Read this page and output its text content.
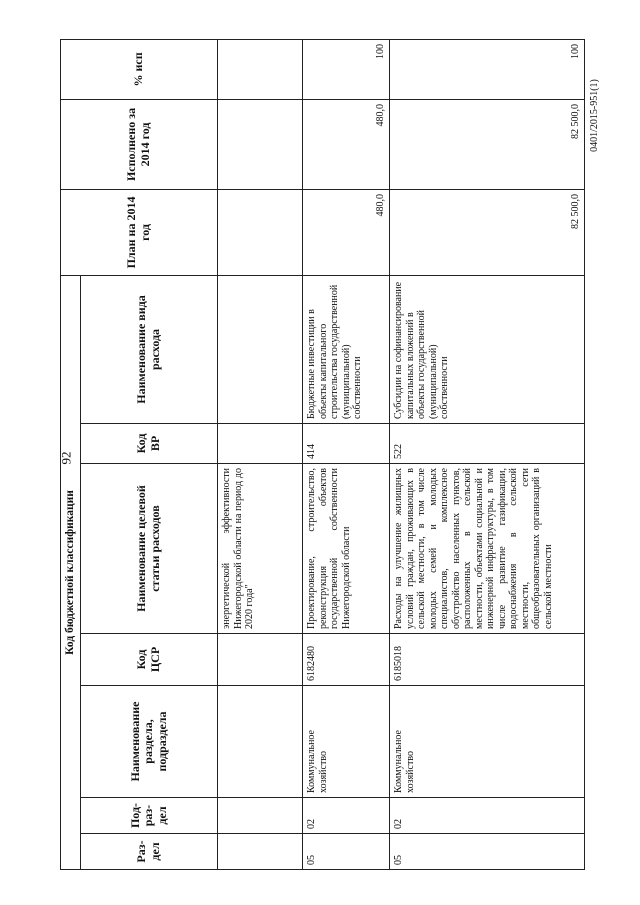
92
0401/2015-951(1)
Код бюджетной классификации							План на 2014 год	Исполнено за 2014 год	% исп
Раз- дел	Под- раз- дел	Наименование раздела, подраздела	Код ЦСР	Наименование целевой статьи расходов	Код ВР	Наименование вида расхода			
				энергетической эффективности Нижегородской области на период до 2020 года"					
05	02	Коммунальное хозяйство	6182480	Проектирование, строительство, реконструкция объектов государственной собственности Нижегородской области	414	Бюджетные инвестиции в объекты капитального строительства государственной (муниципальной) собственности	480,0	480,0	100
05	02	Коммунальное хозяйство	6185018	Расходы на улучшение жилищных условий граждан, проживающих в сельской местности, в том числе молодых семей и молодых специалистов, комплексное обустройство населенных пунктов, расположенных в сельской местности, объектами социальной и инженерной инфраструктуры, в том числе развитие газификации, водоснабжения в сельской местности, сети общеобразовательных организаций в сельской местности	522	Субсидии на софинансирование капитальных вложений в объекты государственной (муниципальной) собственности	82 500,0	82 500,0	100
